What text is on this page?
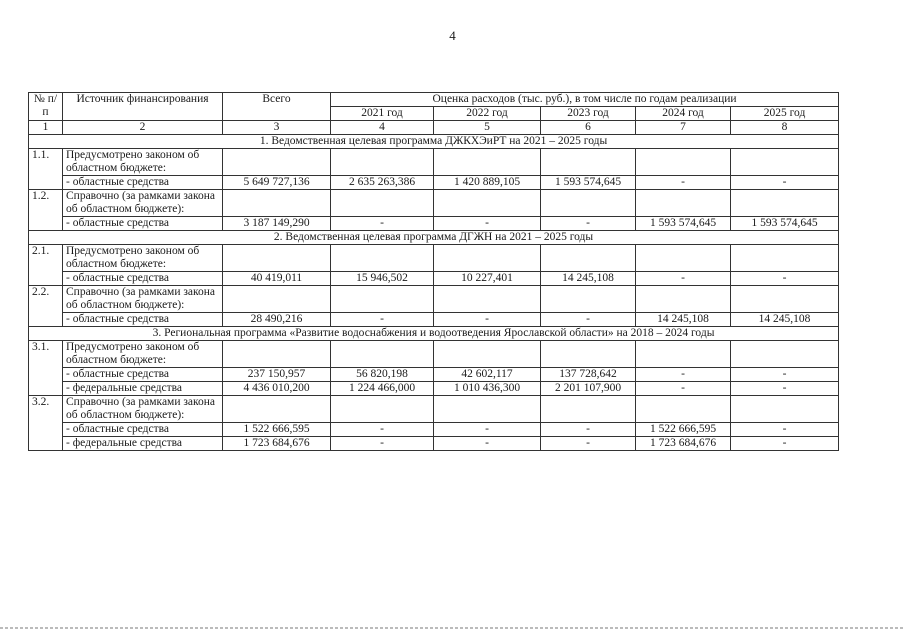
4
№ п/п	Источник финансирования	Всего	Оценка расходов (тыс. руб.), в том числе по годам реализации				
			2021 год	2022 год	2023 год	2024 год	2025 год
1	2	3	4	5	6	7	8
1. Ведомственная целевая программа ДЖКХЭиРТ на 2021 – 2025 годы							
1.1.	Предусмотрено законом об областном бюджете:						
	- областные средства	5 649 727,136	2 635 263,386	1 420 889,105	1 593 574,645	-	-
1.2.	Справочно (за рамками закона об областном бюджете):						
	- областные средства	3 187 149,290	-	-	-	1 593 574,645	1 593 574,645
2. Ведомственная целевая программа ДГЖН на 2021 – 2025 годы							
2.1.	Предусмотрено законом об областном бюджете:						
	- областные средства	40 419,011	15 946,502	10 227,401	14 245,108	-	-
2.2.	Справочно (за рамками закона об областном бюджете):						
	- областные средства	28 490,216	-	-	-	14 245,108	14 245,108
3. Региональная программа «Развитие водоснабжения и водоотведения Ярославской области» на 2018 – 2024 годы							
3.1.	Предусмотрено законом об областном бюджете:						
	- областные средства	237 150,957	56 820,198	42 602,117	137 728,642	-	-
	- федеральные средства	4 436 010,200	1 224 466,000	1 010 436,300	2 201 107,900	-	-
3.2.	Справочно (за рамками закона об областном бюджете):						
	- областные средства	1 522 666,595	-	-	-	1 522 666,595	-
	- федеральные средства	1 723 684,676	-	-	-	1 723 684,676	-
